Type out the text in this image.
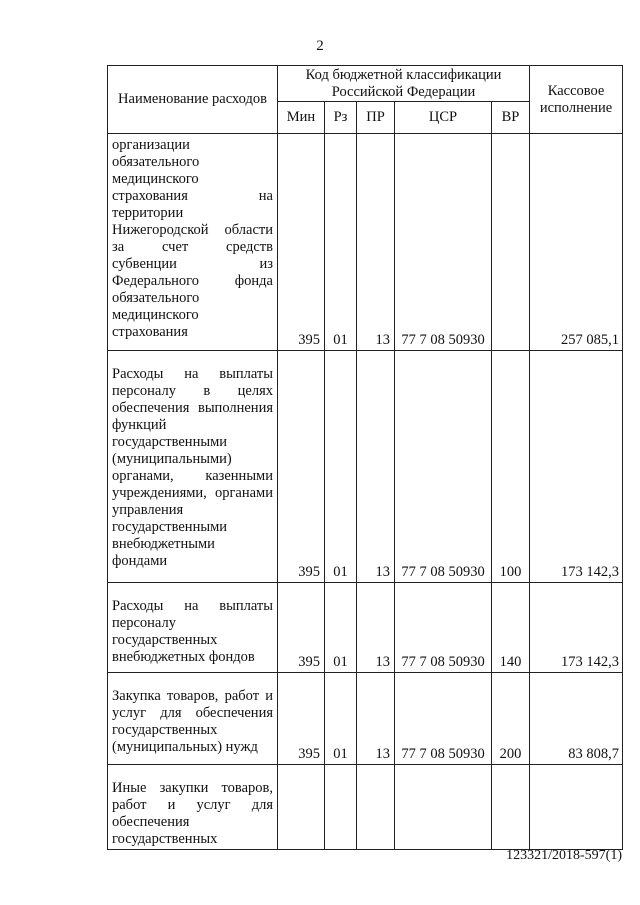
2
Наименование расходов	Код бюджетной классификации Российской Федерации					Кассовое исполнение
	Мин	Рз	ПР	ЦСР	ВР	
организации обязательного медицинского страхования на территории Нижегородской области за счет средств субвенции из Федерального фонда обязательного медицинского страхования	395	01	13	77 7 08 50930		257 085,1
Расходы на выплаты персоналу в целях обеспечения выполнения функций государственными (муниципальными) органами, казенными учреждениями, органами управления государственными внебюджетными фондами	395	01	13	77 7 08 50930	100	173 142,3
Расходы на выплаты персоналу государственных внебюджетных фондов	395	01	13	77 7 08 50930	140	173 142,3
Закупка товаров, работ и услуг для обеспечения государственных (муниципальных) нужд	395	01	13	77 7 08 50930	200	83 808,7
Иные закупки товаров, работ и услуг для обеспечения государственных						
123321/2018-597(1)
